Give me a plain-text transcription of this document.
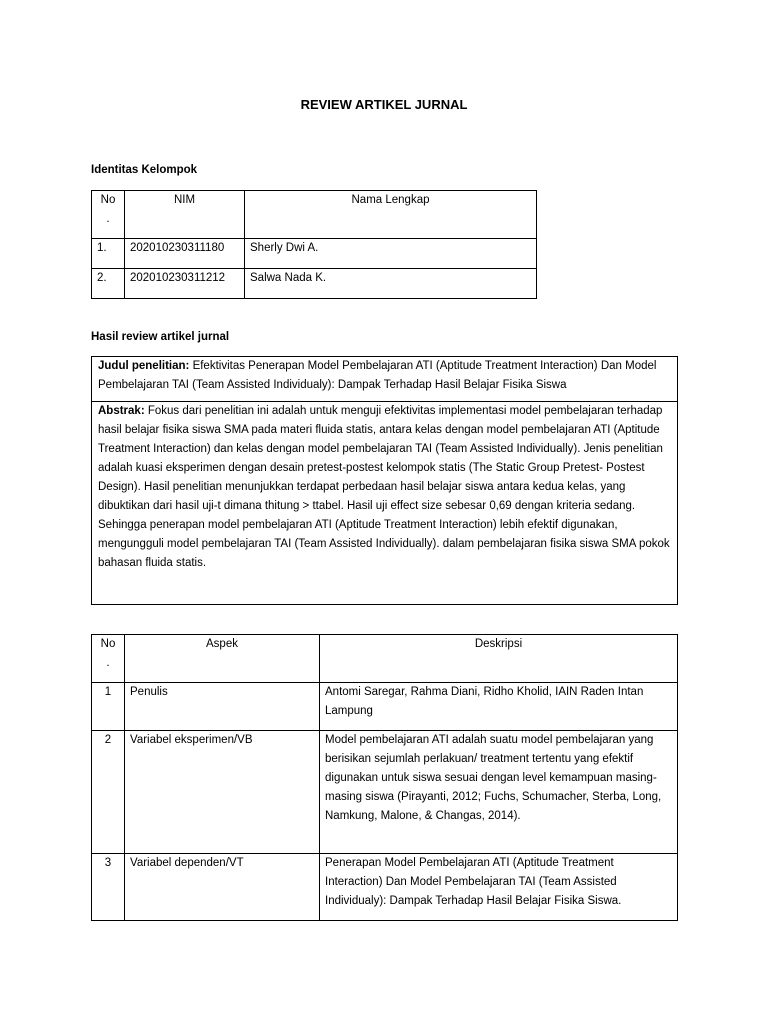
REVIEW ARTIKEL JURNAL
Identitas Kelompok
No
.	NIM	Nama Lengkap
1.	202010230311180	Sherly Dwi A.
2.	202010230311212	Salwa Nada K.
Hasil review artikel jurnal
Judul penelitian: Efektivitas Penerapan Model Pembelajaran ATI (Aptitude Treatment Interaction) Dan Model Pembelajaran TAI (Team Assisted Individualy): Dampak Terhadap Hasil Belajar Fisika Siswa
Abstrak: Fokus dari penelitian ini adalah untuk menguji efektivitas implementasi model pembelajaran terhadap hasil belajar fisika siswa SMA pada materi fluida statis, antara kelas dengan model pembelajaran ATI (Aptitude Treatment Interaction) dan kelas dengan model pembelajaran TAI (Team Assisted Individually). Jenis penelitian adalah kuasi eksperimen dengan desain pretest-postest kelompok statis (The Static Group Pretest- Postest Design). Hasil penelitian menunjukkan terdapat perbedaan hasil belajar siswa antara kedua kelas, yang dibuktikan dari hasil uji-t dimana thitung > ttabel. Hasil uji effect size sebesar 0,69 dengan kriteria sedang. Sehingga penerapan model pembelajaran ATI (Aptitude Treatment Interaction) lebih efektif digunakan, mengungguli model pembelajaran TAI (Team Assisted Individually). dalam pembelajaran fisika siswa SMA pokok bahasan fluida statis.
No
.	Aspek	Deskripsi
1	Penulis	Antomi Saregar, Rahma Diani, Ridho Kholid, IAIN Raden Intan Lampung
2	Variabel eksperimen/VB	Model pembelajaran ATI adalah suatu model pembelajaran yang berisikan sejumlah perlakuan/ treatment tertentu yang efektif digunakan untuk siswa sesuai dengan level kemampuan masing- masing siswa (Pirayanti, 2012; Fuchs, Schumacher, Sterba, Long, Namkung, Malone, & Changas, 2014).
3	Variabel dependen/VT	Penerapan Model Pembelajaran ATI (Aptitude Treatment Interaction) Dan Model Pembelajaran TAI (Team Assisted Individualy): Dampak Terhadap Hasil Belajar Fisika Siswa.
